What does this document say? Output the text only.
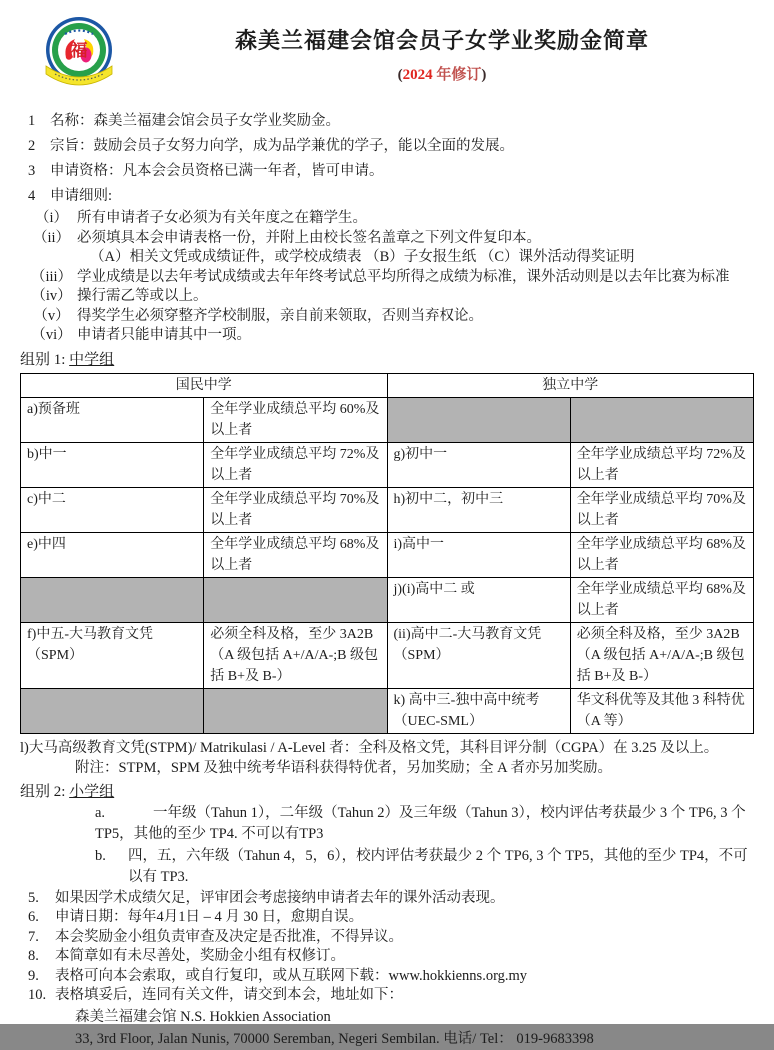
福	森美兰福建会馆会员子女学业奖励金简章
(2024 年修订)
1	名称：森美兰福建会馆会员子女学业奖励金。
2	宗旨：鼓励会员子女努力向学，成为品学兼优的学子，能以全面的发展。
3	申请资格：凡本会会员资格已满一年者，皆可申请。
4	申请细则:
（i） 所有申请者子女必须为有关年度之在籍学生。
（ii） 必须填具本会申请表格一份，并附上由校长签名盖章之下列文件复印本。
（A）相关文凭或成绩证件，或学校成绩表 （B）子女报生纸 （C）课外活动得奖证明
（iii） 学业成绩是以去年考试成绩或去年年终考试总平均所得之成绩为标准，课外活动则是以去年比赛为标准
（iv） 操行需乙等或以上。
（v） 得奖学生必须穿整齐学校制服，亲自前来领取，否则当弃权论。
（vi） 申请者只能申请其中一项。
组别 1: 中学组
国民中学		独立中学	
a)预备班	全年学业成绩总平均 60%及以上者		
b)中一	全年学业成绩总平均 72%及以上者	g)初中一	全年学业成绩总平均 72%及以上者
c)中二	全年学业成绩总平均 70%及以上者	h)初中二，初中三	全年学业成绩总平均 70%及以上者
e)中四	全年学业成绩总平均 68%及以上者	i)高中一	全年学业成绩总平均 68%及以上者
		j)(i)高中二 或	全年学业成绩总平均 68%及以上者
f)中五-大马教育文凭（SPM）	必须全科及格，至少 3A2B（A 级包括 A+/A/A-;B 级包括 B+及 B-）	(ii)高中二-大马教育文凭（SPM）	必须全科及格，至少 3A2B（A 级包括 A+/A/A-;B 级包括 B+及 B-）
		k) 高中三-独中高中统考（UEC-SML）	华文科优等及其他 3 科特优（A 等）
l)大马高级教育文凭(STPM)/ Matrikulasi / A-Level 者：全科及格文凭，其科目评分制（CGPA）在 3.25 及以上。
附注：STPM，SPM 及独中统考华语科获得特优者，另加奖励；全 A 者亦另加奖励。
组别 2: 小学组
a.	一年级（Tahun 1），二年级（Tahun 2）及三年级（Tahun 3），校内评估考获最少 3 个 TP6, 3 个 TP5，其他的至少 TP4. 不可以有TP3
b. 四，五，六年级（Tahun 4，5，6），校内评估考获最少 2 个 TP6, 3 个 TP5，其他的至少 TP4，不可以有 TP3.
5.	如果因学术成绩欠足，评审团会考虑接纳申请者去年的课外活动表现。
6.	申请日期：每年4月1日 – 4 月 30 日，愈期自误。
7.	本会奖励金小组负责审查及决定是否批准，不得异议。
8.	本简章如有未尽善处，奖励金小组有权修订。
9.	表格可向本会索取，或自行复印，或从互联网下载：www.hokkienns.org.my
10. 表格填妥后，连同有关文件，请交到本会，地址如下：
森美兰福建会馆 N.S. Hokkien Association
33, 3rd Floor, Jalan Nunis, 70000 Seremban, Negeri Sembilan. 电话/ Tel： 019-9683398
